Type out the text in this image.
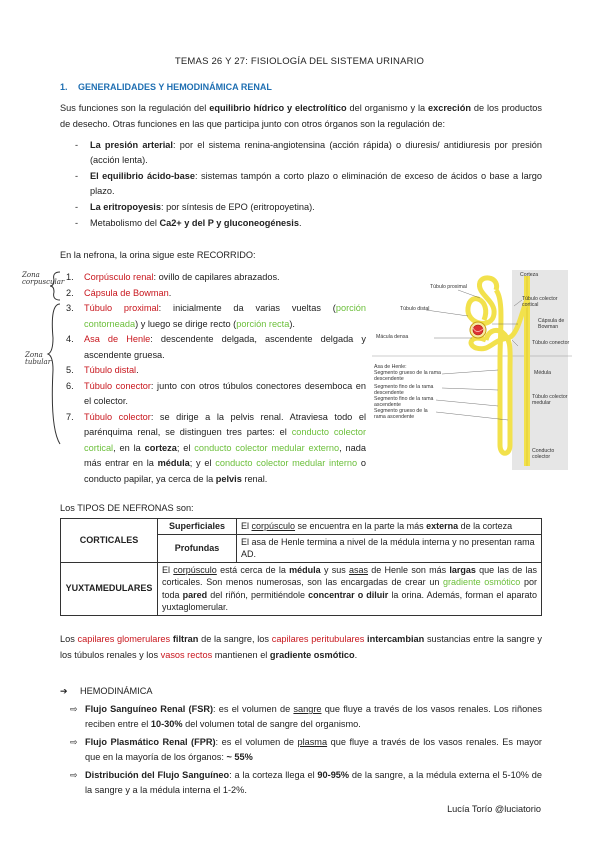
TEMAS 26 Y 27: FISIOLOGÍA DEL SISTEMA URINARIO
1. GENERALIDADES Y HEMODINÁMICA RENAL
Sus funciones son la regulación del equilibrio hídrico y electrolítico del organismo y la excreción de los productos de desecho. Otras funciones en las que participa junto con otros órganos son la regulación de:
- La presión arterial: por el sistema renina-angiotensina (acción rápida) o diuresis/ antidiuresis por presión (acción lenta).
- El equilibrio ácido-base: sistemas tampón a corto plazo o eliminación de exceso de ácidos o base a largo plazo.
- La eritropoyesis: por síntesis de EPO (eritropoyetina).
- Metabolismo del Ca2+ y del P y gluconeogénesis.
En la nefrona, la orina sigue este RECORRIDO:
Zona corpuscular
Zona tubular
1. Corpúsculo renal: ovillo de capilares abrazados.
2. Cápsula de Bowman.
3. Túbulo proximal: inicialmente da varias vueltas (porción contorneada) y luego se dirige recto (porción recta).
4. Asa de Henle: descendente delgada, ascendente delgada y ascendente gruesa.
5. Túbulo distal.
6. Túbulo conector: junto con otros túbulos conectores desemboca en el colector.
7. Túbulo colector: se dirige a la pelvis renal. Atraviesa todo el parénquima renal, se distinguen tres partes: el conducto colector cortical, en la corteza; el conducto colector medular externo, nada más entrar en la médula; y el conducto colector medular interno o conducto papilar, ya cerca de la pelvis renal.
Túbulo proximal
Túbulo distal
Mácula densa
Asa de Henle:
Segmento grueso de la rama descendente
Segmento fino de la rama descendente
Segmento fino de la rama ascendente
Segmento grueso de la rama ascendente
Corteza
Túbulo colector cortical
Cápsula de Bowman
Túbulo conector
Médula
Túbulo colector medular
Conducto colector
Los TIPOS DE NEFRONAS son:
CORTICALES	Superficiales	El corpúsculo se encuentra en la parte la más externa de la corteza
	Profundas	El asa de Henle termina a nivel de la médula interna y no presentan rama AD.
YUXTAMEDULARES	El corpúsculo está cerca de la médula y sus asas de Henle son más largas que las de las corticales. Son menos numerosas, son las encargadas de crear un gradiente osmótico por toda pared del riñón, permitiéndole concentrar o diluir la orina. Además, forman el aparato yuxtaglomerular.	
Los capilares glomerulares filtran de la sangre, los capilares peritubulares intercambian sustancias entre la sangre y los túbulos renales y los vasos rectos mantienen el gradiente osmótico.
➔ HEMODINÁMICA
⇨ Flujo Sanguíneo Renal (FSR): es el volumen de sangre que fluye a través de los vasos renales. Los riñones reciben entre el 10-30% del volumen total de sangre del organismo.
⇨ Flujo Plasmático Renal (FPR): es el volumen de plasma que fluye a través de los vasos renales. Es mayor que en la mayoría de los órganos: ~ 55%
⇨ Distribución del Flujo Sanguíneo: a la corteza llega el 90-95% de la sangre, a la médula externa el 5-10% de la sangre y a la médula interna el 1-2%.
Lucía Torío @luciatorio
